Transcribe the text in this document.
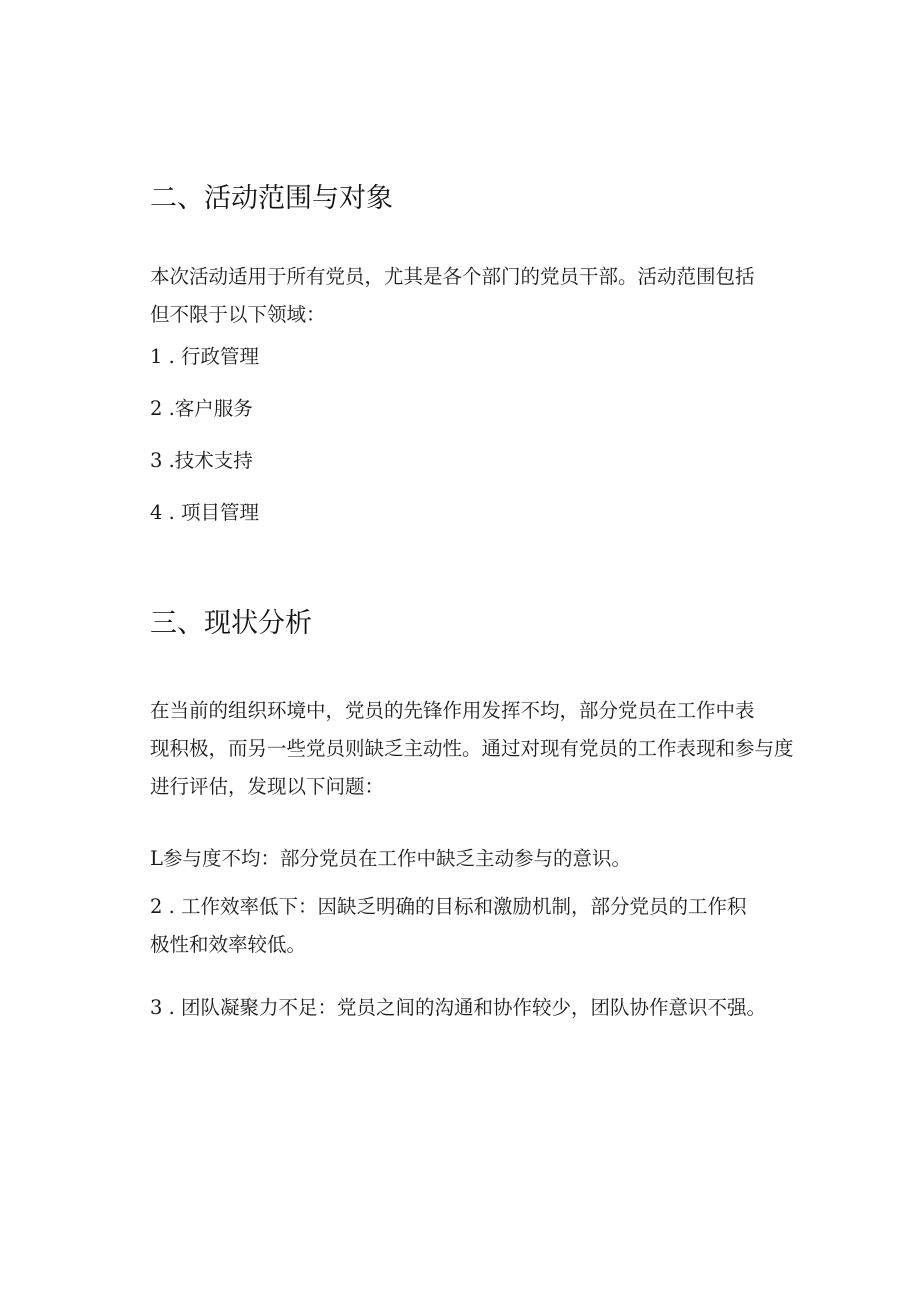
二、活动范围与对象

本次活动适用于所有党员，尤其是各个部门的党员干部。活动范围包括
但不限于以下领域：

1 . 行政管理

2 .客户服务

3 .技术支持

4 . 项目管理

三、现状分析

在当前的组织环境中，党员的先锋作用发挥不均，部分党员在工作中表
现积极，而另一些党员则缺乏主动性。通过对现有党员的工作表现和参与度
进行评估，发现以下问题：

L参与度不均：部分党员在工作中缺乏主动参与的意识。

2 . 工作效率低下：因缺乏明确的目标和激励机制，部分党员的工作积
极性和效率较低。

3 . 团队凝聚力不足：党员之间的沟通和协作较少，团队协作意识不强。
